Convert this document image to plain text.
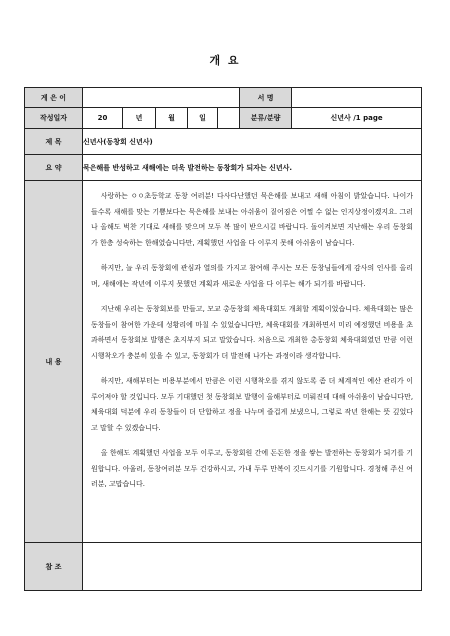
개 요
게 은 이						서 명	
작성일자	20	년	월	일		분류/분량	신년사 /1 page
제 목	신년사(동창회 신년사)						
요 약	묵은해를 반성하고 새해에는 더욱 발전하는 동창회가 되자는 신년사.						
내 용	사랑하는 ㅇㅇ초등학교 동창 여러분! 다사다난했던 묵은해를 보내고 새해 아침이 밝았습니다. 나이가 들수록 새해를 맞는 기쁨보다는 묵은해를 보내는 아쉬움이 짙어짐은 어쩔 수 없는 인지상정이겠지요. 그러나 올해도 벅찬 기대로 새해를 맞으며 모두 복 많이 받으시길 바랍니다. 돌이켜보면 지난해는 우리 동창회가 한층 성숙하는 한해였습니다만, 계획했던 사업을 다 이루지 못해 아쉬움이 남습니다.

하지만, 늘 우리 동창회에 관심과 열의를 가지고 참여해 주시는 모든 동창님들에게 감사의 인사를 올리며, 새해에는 작년에 이루지 못했던 계획과 새로운 사업을 다 이루는 해가 되기를 바랍니다.

지난해 우리는 동창회보를 만들고, 모교 총동창회 체육대회도 개최할 계획이었습니다. 체육대회는 많은 동창들이 참여한 가운데 성황리에 마칠 수 있었습니다만, 체육대회를 개최하면서 미리 예정했던 비용을 초과하면서 동창회보 발행은 초지부지 되고 말았습니다. 처음으로 개최한 총동창회 체육대회였던 만큼 이런 시행착오가 충분히 있을 수 있고, 동창회가 더 발전해 나가는 과정이라 생각합니다.

하지만, 새해부터는 비용부분에서 만큼은 이런 시행착오를 겪지 않도록 좀 더 체계적인 예산 관리가 이루어져야 할 것입니다. 모두 기대했던 첫 동창회보 발행이 올해부터로 미뤄진데 대해 아쉬움이 남습니다만, 체육대회 덕분에 우리 동창들이 더 단합하고 정을 나누며 즐겁게 보냈으니, 그렇로 작년 한해는 뜻 깊었다고 말할 수 있겠습니다.

올 한해도 계획했던 사업을 모두 이루고, 동창회원 간에 돈돈한 정을 쌓는 발전하는 동창회가 되기를 기원합니다. 아울러, 동창여러분 모두 건강하시고, 가내 두루 만복이 깃드시기를 기원합니다. 경청해 주신 여러분, 고맙습니다.						

참 조							
